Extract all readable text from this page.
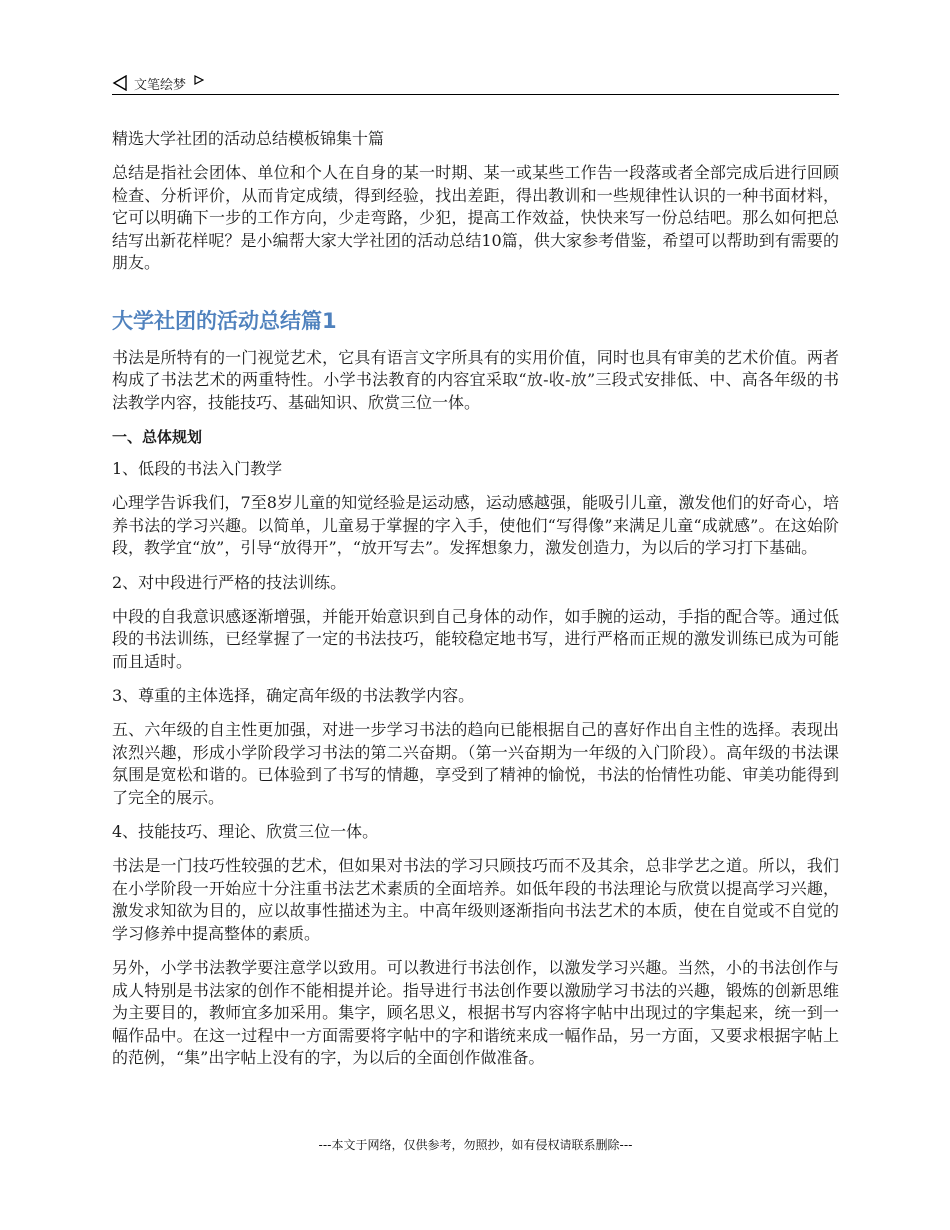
文笔绘梦

精选大学社团的活动总结模板锦集十篇

总结是指社会团体、单位和个人在自身的某一时期、某一或某些工作告一段落或者全部完成后进行回顾检查、分析评价，从而肯定成绩，得到经验，找出差距，得出教训和一些规律性认识的一种书面材料，它可以明确下一步的工作方向，少走弯路，少犯，提高工作效益，快快来写一份总结吧。那么如何把总结写出新花样呢？是小编帮大家大学社团的活动总结10篇，供大家参考借鉴，希望可以帮助到有需要的朋友。

大学社团的活动总结篇1

书法是所特有的一门视觉艺术，它具有语言文字所具有的实用价值，同时也具有审美的艺术价值。两者构成了书法艺术的两重特性。小学书法教育的内容宜采取“放-收-放”三段式安排低、中、高各年级的书法教学内容，技能技巧、基础知识、欣赏三位一体。

一、总体规划

1、低段的书法入门教学

心理学告诉我们，7至8岁儿童的知觉经验是运动感，运动感越强，能吸引儿童，激发他们的好奇心，培养书法的学习兴趣。以简单，儿童易于掌握的字入手，使他们“写得像”来满足儿童“成就感”。在这始阶段，教学宜“放”，引导“放得开”，“放开写去”。发挥想象力，激发创造力，为以后的学习打下基础。

2、对中段进行严格的技法训练。

中段的自我意识感逐渐增强，并能开始意识到自己身体的动作，如手腕的运动，手指的配合等。通过低段的书法训练，已经掌握了一定的书法技巧，能较稳定地书写，进行严格而正规的激发训练已成为可能而且适时。

3、尊重的主体选择，确定高年级的书法教学内容。

五、六年级的自主性更加强，对进一步学习书法的趋向已能根据自己的喜好作出自主性的选择。表现出浓烈兴趣，形成小学阶段学习书法的第二兴奋期。（第一兴奋期为一年级的入门阶段）。高年级的书法课氛围是宽松和谐的。已体验到了书写的情趣，享受到了精神的愉悦，书法的怡情性功能、审美功能得到了完全的展示。

4、技能技巧、理论、欣赏三位一体。

书法是一门技巧性较强的艺术，但如果对书法的学习只顾技巧而不及其余，总非学艺之道。所以，我们在小学阶段一开始应十分注重书法艺术素质的全面培养。如低年段的书法理论与欣赏以提高学习兴趣，激发求知欲为目的，应以故事性描述为主。中高年级则逐渐指向书法艺术的本质，使在自觉或不自觉的学习修养中提高整体的素质。

另外，小学书法教学要注意学以致用。可以教进行书法创作，以激发学习兴趣。当然，小的书法创作与成人特别是书法家的创作不能相提并论。指导进行书法创作要以激励学习书法的兴趣，锻炼的创新思维为主要目的，教师宜多加采用。集字，顾名思义，根据书写内容将字帖中出现过的字集起来，统一到一幅作品中。在这一过程中一方面需要将字帖中的字和谐统来成一幅作品，另一方面，又要求根据字帖上的范例，“集”出字帖上没有的字，为以后的全面创作做准备。

---本文于网络，仅供参考，勿照抄，如有侵权请联系删除---
